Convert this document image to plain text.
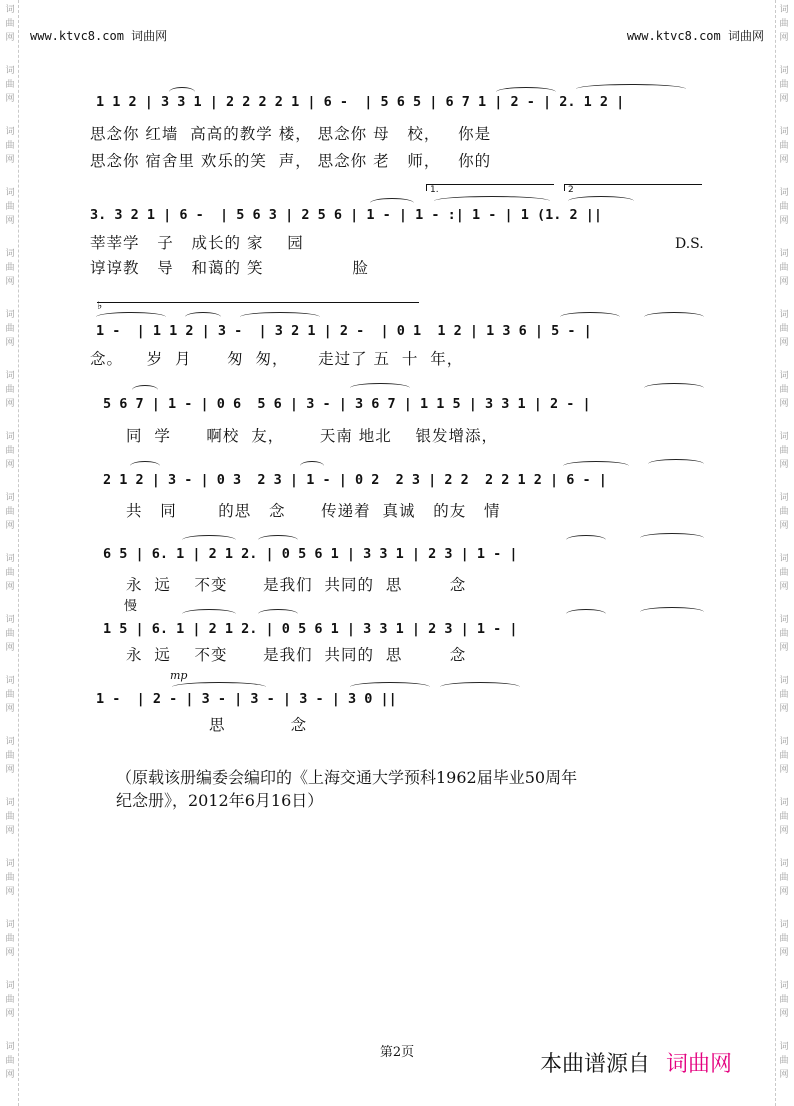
词
曲
网
词
曲
网
词
曲
网
词
曲
网
词
曲
网
词
曲
网
词
曲
网
词
曲
网
词
曲
网
词
曲
网
词
曲
网
词
曲
网
词
曲
网
词
曲
网
词
曲
网
词
曲
网
词
曲
网
词
曲
网
词
曲
网
词
曲
网
词
曲
网
词
曲
网
词
曲
网
词
曲
网
词
曲
网
词
曲
网
词
曲
网
词
曲
网
词
曲
网
词
曲
网
词
曲
网
词
曲
网
词
曲
网
词
曲
网
词
曲
网
词
曲
网
www.ktvc8.com 词曲网	www.ktvc8.com 词曲网
1 1 2 | 3 3 1 | 2 2 2 2 1 | 6 -  | 5 6 5 | 6 7 1 | 2 - | 2. 1 2 |
思念你 红墙  高高的教学 楼， 思念你 母   校，   你是
思念你 宿舍里 欢乐的笑  声， 思念你 老   师，   你的
1.	2
3. 3 2 1 | 6 -  | 5 6 3 | 2 5 6 | 1 - | 1 - :| 1 - | 1 (1. 2 ||
莘莘学   子   成长的 家    园	D.S.
谆谆教   导   和蔼的 笑               脸
♭
1 -  | 1 1 2 | 3 -  | 3 2 1 | 2 -  | 0 1  1 2 | 1 3 6 | 5 - |
念。    岁  月      匆  匆，     走过了 五  十  年，
5 6 7 | 1 - | 0 6  5 6 | 3 - | 3 6 7 | 1 1 5 | 3 3 1 | 2 - |
同  学      啊校  友，      天南 地北    银发增添，
2 1 2 | 3 - | 0 3  2 3 | 1 - | 0 2  2 3 | 2 2  2 2 1 2 | 6 - |
共   同       的思   念      传递着  真诚   的友   情
6 5 | 6. 1 | 2 1 2. | 0 5 6 1 | 3 3 1 | 2 3 | 1 - |
永  远    不变      是我们  共同的  思        念
慢
1 5 | 6. 1 | 2 1 2. | 0 5 6 1 | 3 3 1 | 2 3 | 1 - |
永  远    不变      是我们  共同的  思        念
mp
1 -  | 2 - | 3 - | 3 - | 3 - | 3 0 ||
思           念
（原载该册编委会编印的《上海交通大学预科1962届毕业50周年
纪念册》，2012年6月16日）
第2页	本曲谱源自 词曲网
